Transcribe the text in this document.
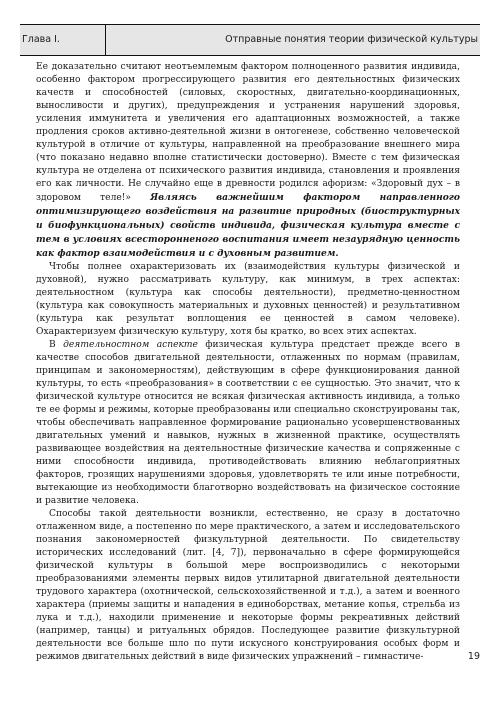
Глава I.	Отправные понятия теории физической культуры

Ее доказательно считают неотъемлемым фактором полноценного развития индивида, особенно фактором прогрессирующего развития его деятельностных физических качеств и способностей (силовых, скоростных, двигательно-координационных, выносливости и других), предупреждения и устранения нарушений здоровья, усиления иммунитета и увеличения его адаптационных возможностей, а также продления сроков активно-деятельной жизни в онтогенезе, собственно человеческой культурой в отличие от культуры, направленной на преобразование внешнего мира (что показано недавно вполне статистически достоверно). Вместе с тем физическая культура не отделена от психического развития индивида, становления и проявления его как личности. Не случайно еще в древности родился афоризм: «Здоровый дух – в здоровом теле!» Являясь важнейшим фактором направленного оптимизирующего воздействия на развитие природных (биоструктурных и биофункциональных) свойств индивида, физическая культура вместе с тем в условиях всесторонненого воспитания имеет незаурядную ценность как фактор взаимодействия и с духовным развитием.

Чтобы полнее охарактеризовать их (взаимодействия культуры физической и духовной), нужно рассматривать культуру, как минимум, в трех аспектах: деятельностном (культура как способы деятельности), предметно-ценностном (культура как совокупность материальных и духовных ценностей) и результативном (культура как результат воплощения ее ценностей в самом человеке). Охарактеризуем физическую культуру, хотя бы кратко, во всех этих аспектах.

В деятельностном аспекте физическая культура предстает прежде всего в качестве способов двигательной деятельности, отлаженных по нормам (правилам, принципам и закономерностям), действующим в сфере функционирования данной культуры, то есть «преобразования» в соответствии с ее сущностью. Это значит, что к физической культуре относится не всякая физическая активность индивида, а только те ее формы и режимы, которые преобразованы или специально сконструированы так, чтобы обеспечивать направленное формирование рационально усовершенствованных двигательных умений и навыков, нужных в жизненной практике, осуществлять развивающее воздействия на деятельностные физические качества и сопряженные с ними способности индивида, противодействовать влиянию неблагоприятных факторов, грозящих нарушениями здоровья, удовлетворять те или иные потребности, вытекающие из необходимости благотворно воздействовать на физическое состояние и развитие человека.

Способы такой деятельности возникли, естественно, не сразу в достаточно отлаженном виде, а постепенно по мере практического, а затем и исследовательского познания закономерностей физкультурной деятельности. По свидетельству исторических исследований (лит. [4, 7]), первоначально в сфере формирующейся физической культуры в большой мере воспроизводились с некоторыми преобразованиями элементы первых видов утилитарной двигательной деятельности трудового характера (охотнической, сельскохозяйственной и т.д.), а затем и военного характера (приемы защиты и нападения в единоборствах, метание копья, стрельба из лука и т.д.), находили применение и некоторые формы рекреативных действий (например, танцы) и ритуальных обрядов. Последующее развитие физкультурной деятельности все больше шло по пути искусного конструирования особых форм и режимов двигательных действий в виде физических упражнений – гимнастиче-	19
